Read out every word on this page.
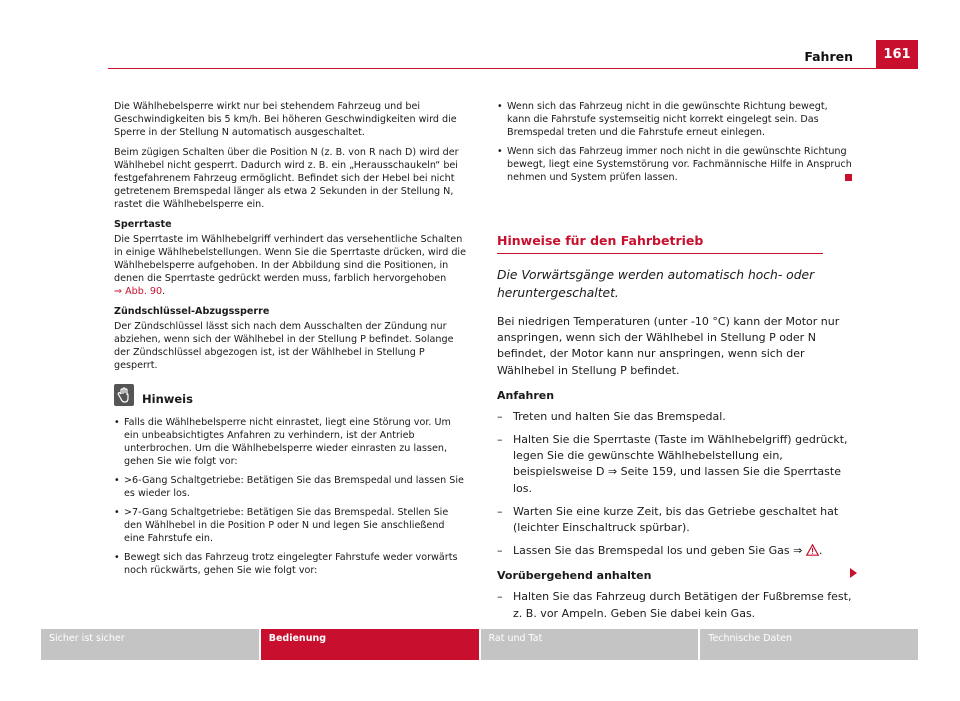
Fahren	161

Die Wählhebelsperre wirkt nur bei stehendem Fahrzeug und bei Geschwindigkeiten bis 5 km/h. Bei höheren Geschwindigkeiten wird die Sperre in der Stellung N automatisch ausgeschaltet.

Beim zügigen Schalten über die Position N (z. B. von R nach D) wird der Wählhebel nicht gesperrt. Dadurch wird z. B. ein „Herausschaukeln“ bei festgefahrenem Fahrzeug ermöglicht. Befindet sich der Hebel bei nicht getretenem Bremspedal länger als etwa 2 Sekunden in der Stellung N, rastet die Wählhebelsperre ein.

Sperrtaste

Die Sperrtaste im Wählhebelgriff verhindert das versehentliche Schalten in einige Wählhebelstellungen. Wenn Sie die Sperrtaste drücken, wird die Wählhebelsperre aufgehoben. In der Abbildung sind die Positionen, in denen die Sperrtaste gedrückt werden muss, farblich hervorgehoben
⇒ Abb. 90.

Zündschlüssel-Abzugssperre

Der Zündschlüssel lässt sich nach dem Ausschalten der Zündung nur abziehen, wenn sich der Wählhebel in der Stellung P befindet. Solange der Zündschlüssel abgezogen ist, ist der Wählhebel in Stellung P gesperrt.

Hinweis

• Falls die Wählhebelsperre nicht einrastet, liegt eine Störung vor. Um ein unbeabsichtigtes Anfahren zu verhindern, ist der Antrieb unterbrochen. Um die Wählhebelsperre wieder einrasten zu lassen, gehen Sie wie folgt vor:

• >6-Gang Schaltgetriebe: Betätigen Sie das Bremspedal und lassen Sie es wieder los.

• >7-Gang Schaltgetriebe: Betätigen Sie das Bremspedal. Stellen Sie den Wählhebel in die Position P oder N und legen Sie anschließend eine Fahrstufe ein.

• Bewegt sich das Fahrzeug trotz eingelegter Fahrstufe weder vorwärts noch rückwärts, gehen Sie wie folgt vor:

• Wenn sich das Fahrzeug nicht in die gewünschte Richtung bewegt, kann die Fahrstufe systemseitig nicht korrekt eingelegt sein. Das Bremspedal treten und die Fahrstufe erneut einlegen.

• Wenn sich das Fahrzeug immer noch nicht in die gewünschte Richtung bewegt, liegt eine Systemstörung vor. Fachmännische Hilfe in Anspruch nehmen und System prüfen lassen.

Hinweise für den Fahrbetrieb

Die Vorwärtsgänge werden automatisch hoch- oder heruntergeschaltet.

Bei niedrigen Temperaturen (unter -10 °C) kann der Motor nur anspringen, wenn sich der Wählhebel in Stellung P oder N befindet, der Motor kann nur anspringen, wenn sich der Wählhebel in Stellung P befindet.

Anfahren

– Treten und halten Sie das Bremspedal.
– Halten Sie die Sperrtaste (Taste im Wählhebelgriff) gedrückt, legen Sie die gewünschte Wählhebelstellung ein, beispielsweise D ⇒ Seite 159, und lassen Sie die Sperrtaste los.
– Warten Sie eine kurze Zeit, bis das Getriebe geschaltet hat (leichter Einschaltruck spürbar).
– Lassen Sie das Bremspedal los und geben Sie Gas ⇒ .

Vorübergehend anhalten

– Halten Sie das Fahrzeug durch Betätigen der Fußbremse fest, z. B. vor Ampeln. Geben Sie dabei kein Gas.
Sicher ist sicher	Bedienung	Rat und Tat	Technische Daten
